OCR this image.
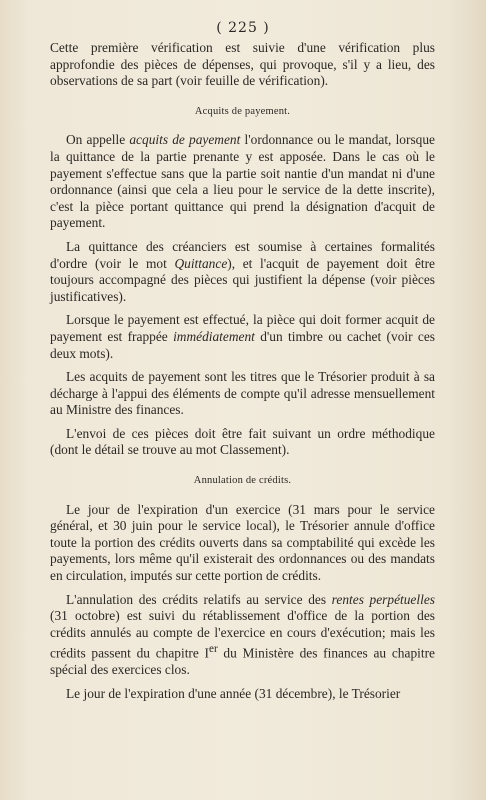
( 225 )

Cette première vérification est suivie d'une vérification plus approfondie des pièces de dépenses, qui provoque, s'il y a lieu, des observations de sa part (voir feuille de vérification).

Acquits de payement.

On appelle acquits de payement l'ordonnance ou le mandat, lorsque la quittance de la partie prenante y est apposée. Dans le cas où le payement s'effectue sans que la partie soit nantie d'un mandat ni d'une ordonnance (ainsi que cela a lieu pour le service de la dette inscrite), c'est la pièce portant quittance qui prend la désignation d'acquit de payement.

La quittance des créanciers est soumise à certaines formalités d'ordre (voir le mot Quittance), et l'acquit de payement doit être toujours accompagné des pièces qui justifient la dépense (voir pièces justificatives).

Lorsque le payement est effectué, la pièce qui doit former acquit de payement est frappée immédiatement d'un timbre ou cachet (voir ces deux mots).

Les acquits de payement sont les titres que le Trésorier produit à sa décharge à l'appui des éléments de compte qu'il adresse mensuellement au Ministre des finances.

L'envoi de ces pièces doit être fait suivant un ordre méthodique (dont le détail se trouve au mot Classement).

Annulation de crédits.

Le jour de l'expiration d'un exercice (31 mars pour le service général, et 30 juin pour le service local), le Trésorier annule d'office toute la portion des crédits ouverts dans sa comptabilité qui excède les payements, lors même qu'il existerait des ordonnances ou des mandats en circulation, imputés sur cette portion de crédits.

L'annulation des crédits relatifs au service des rentes perpétuelles (31 octobre) est suivi du rétablissement d'office de la portion des crédits annulés au compte de l'exercice en cours d'exécution; mais les crédits passent du chapitre Ier du Ministère des finances au chapitre spécial des exercices clos.

Le jour de l'expiration d'une année (31 décembre), le Trésorier
